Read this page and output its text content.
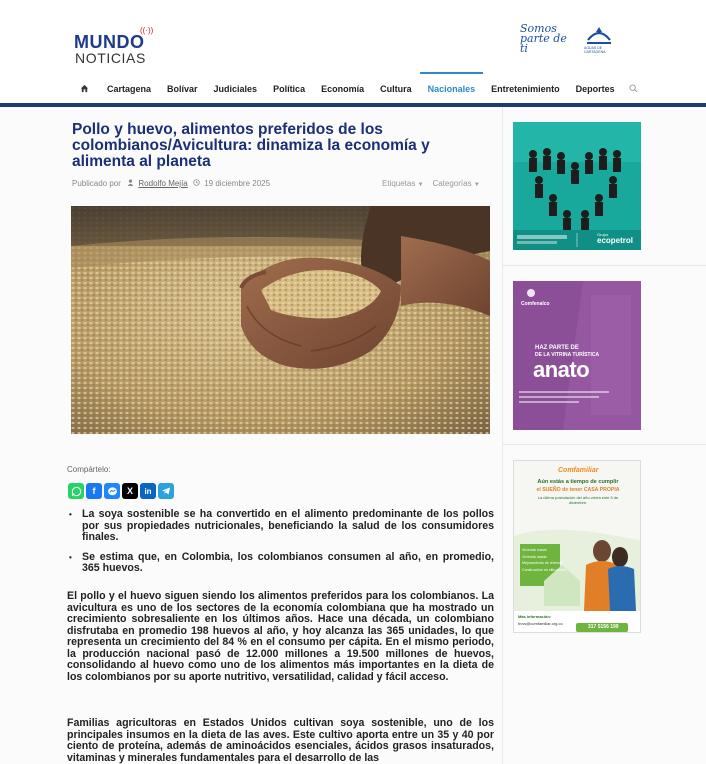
((·))
MUNDO
NOTICIAS
Somos parte de ti	AGUAS DE CARTAGENA
Cartagena	Bolívar	Judiciales	Política	Economía	Cultura	Nacionales	Entretenimiento	Deportes
Pollo y huevo, alimentos preferidos de los colombianos/Avicultura: dinamiza la economía y alimenta al planeta
Publicado por Rodolfo Mejía 19 diciembre 2025	Etiquetas ▼ Categorías ▼
Compártelo:
f	X	in
• La soya sostenible se ha convertido en el alimento predominante de los pollos por sus propiedades nutricionales, beneficiando la salud de los consumidores finales.
• Se estima que, en Colombia, los colombianos consumen al año, en promedio, 365 huevos.

El pollo y el huevo siguen siendo los alimentos preferidos para los colombianos. La avicultura es uno de los sectores de la economía colombiana que ha mostrado un crecimiento sobresaliente en los últimos años. Hace una década, un colombiano disfrutaba en promedio 198 huevos al año, y hoy alcanza las 365 unidades, lo que representa un crecimiento del 84 % en el consumo per cápita. En el mismo periodo, la producción nacional pasó de 12.000 millones a 19.500 millones de huevos, consolidando al huevo como uno de los alimentos más importantes en la dieta de los colombianos por su aporte nutritivo, versatilidad, calidad y fácil acceso.

Familias agricultoras en Estados Unidos cultivan soya sostenible, uno de los principales insumos en la dieta de las aves. Este cultivo aporta entre un 35 y 40 por ciento de proteína, además de aminoácidos esenciales, ácidos grasos insaturados, vitaminas y minerales fundamentales para el desarrollo de las

Grupo
ecopetrol
Comfenalco
HAZ PARTE DE
DE LA VITRINA TURÍSTICA
anato
Comfamiliar
Aún estás a tiempo de cumplir
el SUEÑO de tener CASA PROPIA
La última postulación del año cierra este 5 de diciembre.
Vivienda nueva
Vivienda usada
Mejoramiento de vivienda
Construcción en sitio propio
Más información:
bvvs@comfamiliar.org.co
317 5156 199
